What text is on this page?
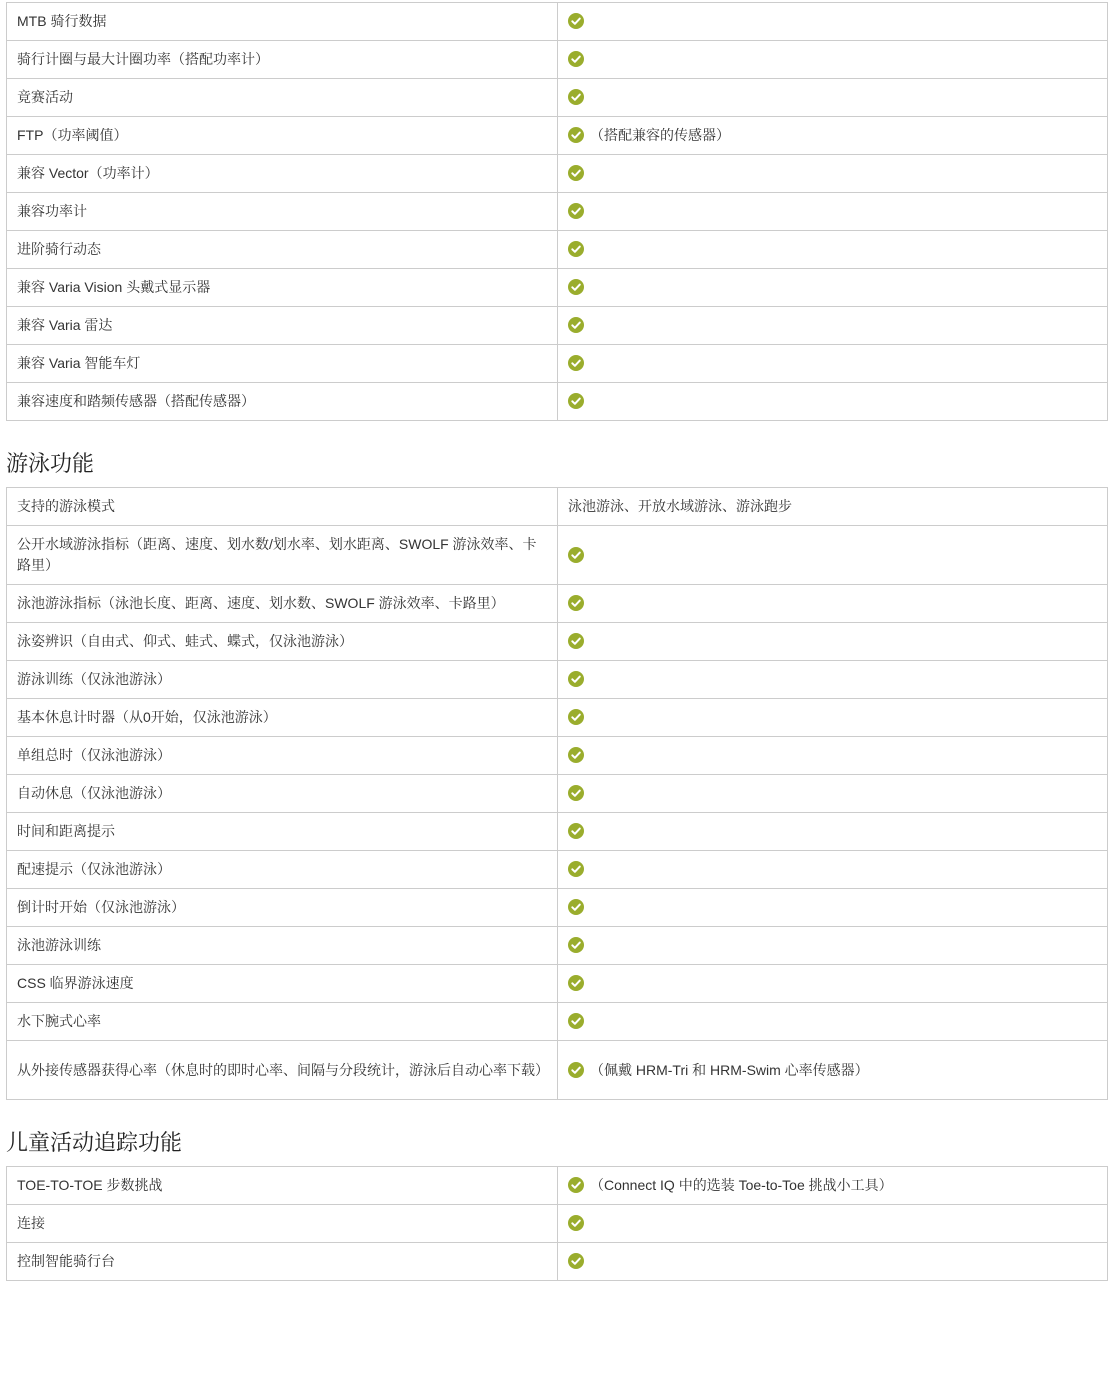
MTB 骑行数据	

骑行计圈与最大计圈功率（搭配功率计）	

竟赛活动	

FTP（功率阈值）	（搭配兼容的传感器）
兼容 Vector（功率计）	

兼容功率计	

进阶骑行动态	

兼容 Varia Vision 头戴式显示器	

兼容 Varia 雷达	

兼容 Varia 智能车灯	

兼容速度和踏频传感器（搭配传感器）	
游泳功能
支持的游泳模式	泳池游泳、开放水域游泳、游泳跑步
公开水域游泳指标（距离、速度、划水数/划水率、划水距离、SWOLF 游泳效率、卡路里）	

泳池游泳指标（泳池长度、距离、速度、划水数、SWOLF 游泳效率、卡路里）	

泳姿辨识（自由式、仰式、蛙式、蝶式，仅泳池游泳）	

游泳训练（仅泳池游泳）	

基本休息计时器（从0开始，仅泳池游泳）	

单组总时（仅泳池游泳）	

自动休息（仅泳池游泳）	

时间和距离提示	

配速提示（仅泳池游泳）	

倒计时开始（仅泳池游泳）	

泳池游泳训练	

CSS 临界游泳速度	

水下腕式心率	

从外接传感器获得心率（休息时的即时心率、间隔与分段统计，游泳后自动心率下载）	（佩戴 HRM-Tri 和 HRM-Swim 心率传感器）
儿童活动追踪功能
TOE-TO-TOE 步数挑战	（Connect IQ 中的选装 Toe-to-Toe 挑战小工具）
连接	

控制智能骑行台	
